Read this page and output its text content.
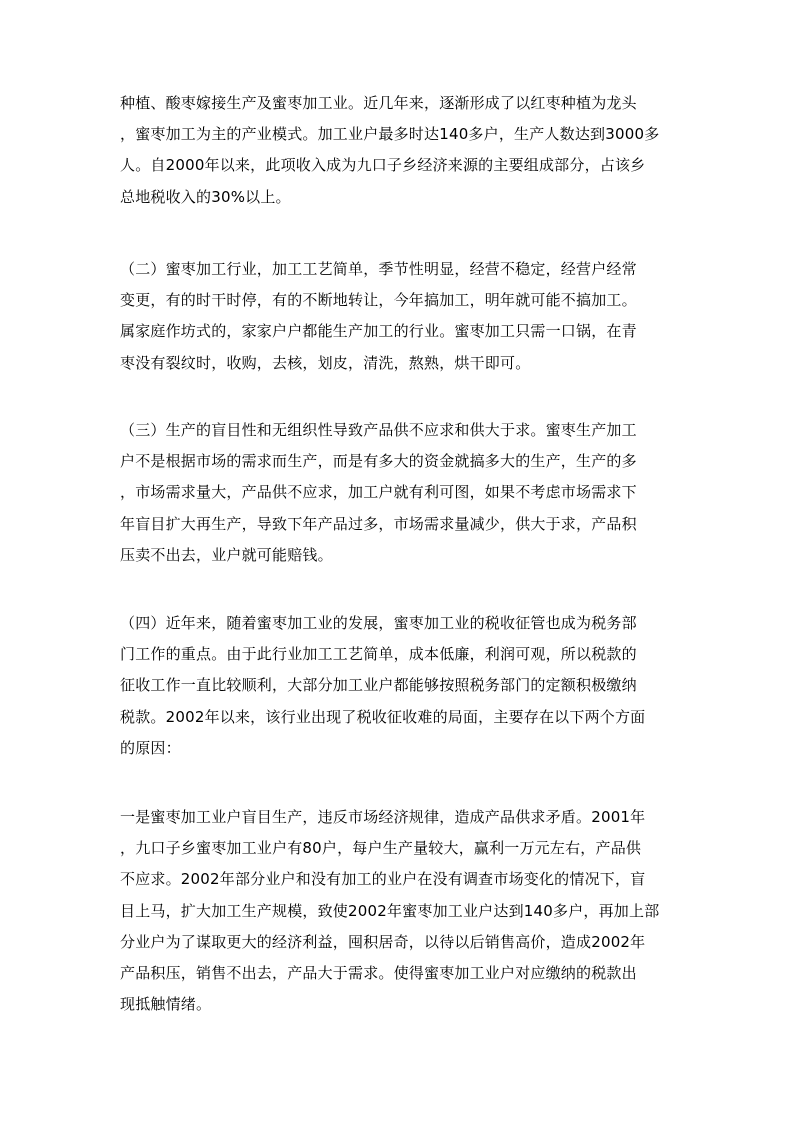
种植、酸枣嫁接生产及蜜枣加工业。近几年来，逐渐形成了以红枣种植为龙头
，蜜枣加工为主的产业模式。加工业户最多时达140多户，生产人数达到3000多
人。自2000年以来，此项收入成为九口子乡经济来源的主要组成部分，占该乡
总地税收入的30%以上。
（二）蜜枣加工行业，加工工艺简单，季节性明显，经营不稳定，经营户经常
变更，有的时干时停，有的不断地转让，今年搞加工，明年就可能不搞加工。
属家庭作坊式的，家家户户都能生产加工的行业。蜜枣加工只需一口锅，在青
枣没有裂纹时，收购，去核，划皮，清洗，熬熟，烘干即可。
（三）生产的盲目性和无组织性导致产品供不应求和供大于求。蜜枣生产加工
户不是根据市场的需求而生产，而是有多大的资金就搞多大的生产，生产的多
，市场需求量大，产品供不应求，加工户就有利可图，如果不考虑市场需求下
年盲目扩大再生产，导致下年产品过多，市场需求量减少，供大于求，产品积
压卖不出去，业户就可能赔钱。
（四）近年来，随着蜜枣加工业的发展，蜜枣加工业的税收征管也成为税务部
门工作的重点。由于此行业加工工艺简单，成本低廉，利润可观，所以税款的
征收工作一直比较顺利，大部分加工业户都能够按照税务部门的定额积极缴纳
税款。2002年以来，该行业出现了税收征收难的局面，主要存在以下两个方面
的原因：
一是蜜枣加工业户盲目生产，违反市场经济规律，造成产品供求矛盾。2001年
，九口子乡蜜枣加工业户有80户，每户生产量较大，赢利一万元左右，产品供
不应求。2002年部分业户和没有加工的业户在没有调查市场变化的情况下，盲
目上马，扩大加工生产规模，致使2002年蜜枣加工业户达到140多户，再加上部
分业户为了谋取更大的经济利益，囤积居奇，以待以后销售高价，造成2002年
产品积压，销售不出去，产品大于需求。使得蜜枣加工业户对应缴纳的税款出
现抵触情绪。
